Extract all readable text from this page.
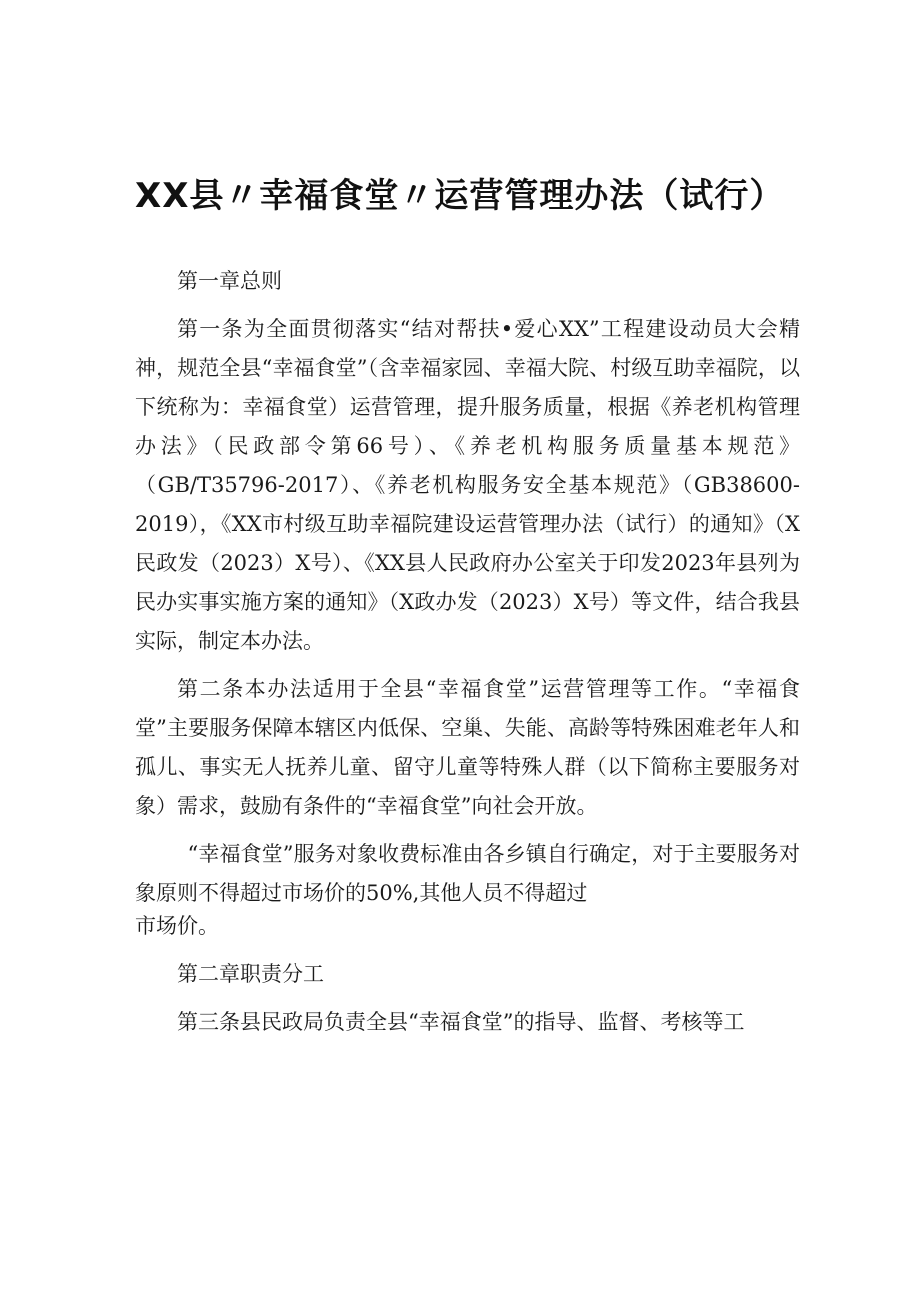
XX县〃幸福食堂〃运营管理办法（试行）

第一章总则

第一条为全面贯彻落实“结对帮扶•爱心XX”工程建设动员大会精神，规范全县“幸福食堂”（含幸福家园、幸福大院、村级互助幸福院，以下统称为：幸福食堂）运营管理，提升服务质量，根据《养老机构管理办法》（民政部令第66号）、《养老机构服务质量基本规范》（GB/T35796-2017）、《养老机构服务安全基本规范》（GB38600-2019），《XX市村级互助幸福院建设运营管理办法（试行）的通知》（X民政发（2023）X号）、《XX县人民政府办公室关于印发2023年县列为民办实事实施方案的通知》（X政办发（2023）X号）等文件，结合我县实际，制定本办法。

第二条本办法适用于全县“幸福食堂”运营管理等工作。“幸福食堂”主要服务保障本辖区内低保、空巢、失能、高龄等特殊困难老年人和孤儿、事实无人抚养儿童、留守儿童等特殊人群（以下简称主要服务对象）需求，鼓励有条件的“幸福食堂”向社会开放。

“幸福食堂”服务对象收费标准由各乡镇自行确定，对于主要服务对象原则不得超过市场价的50%,其他人员不得超过

市场价。

第二章职责分工

第三条县民政局负责全县“幸福食堂”的指导、监督、考核等工
